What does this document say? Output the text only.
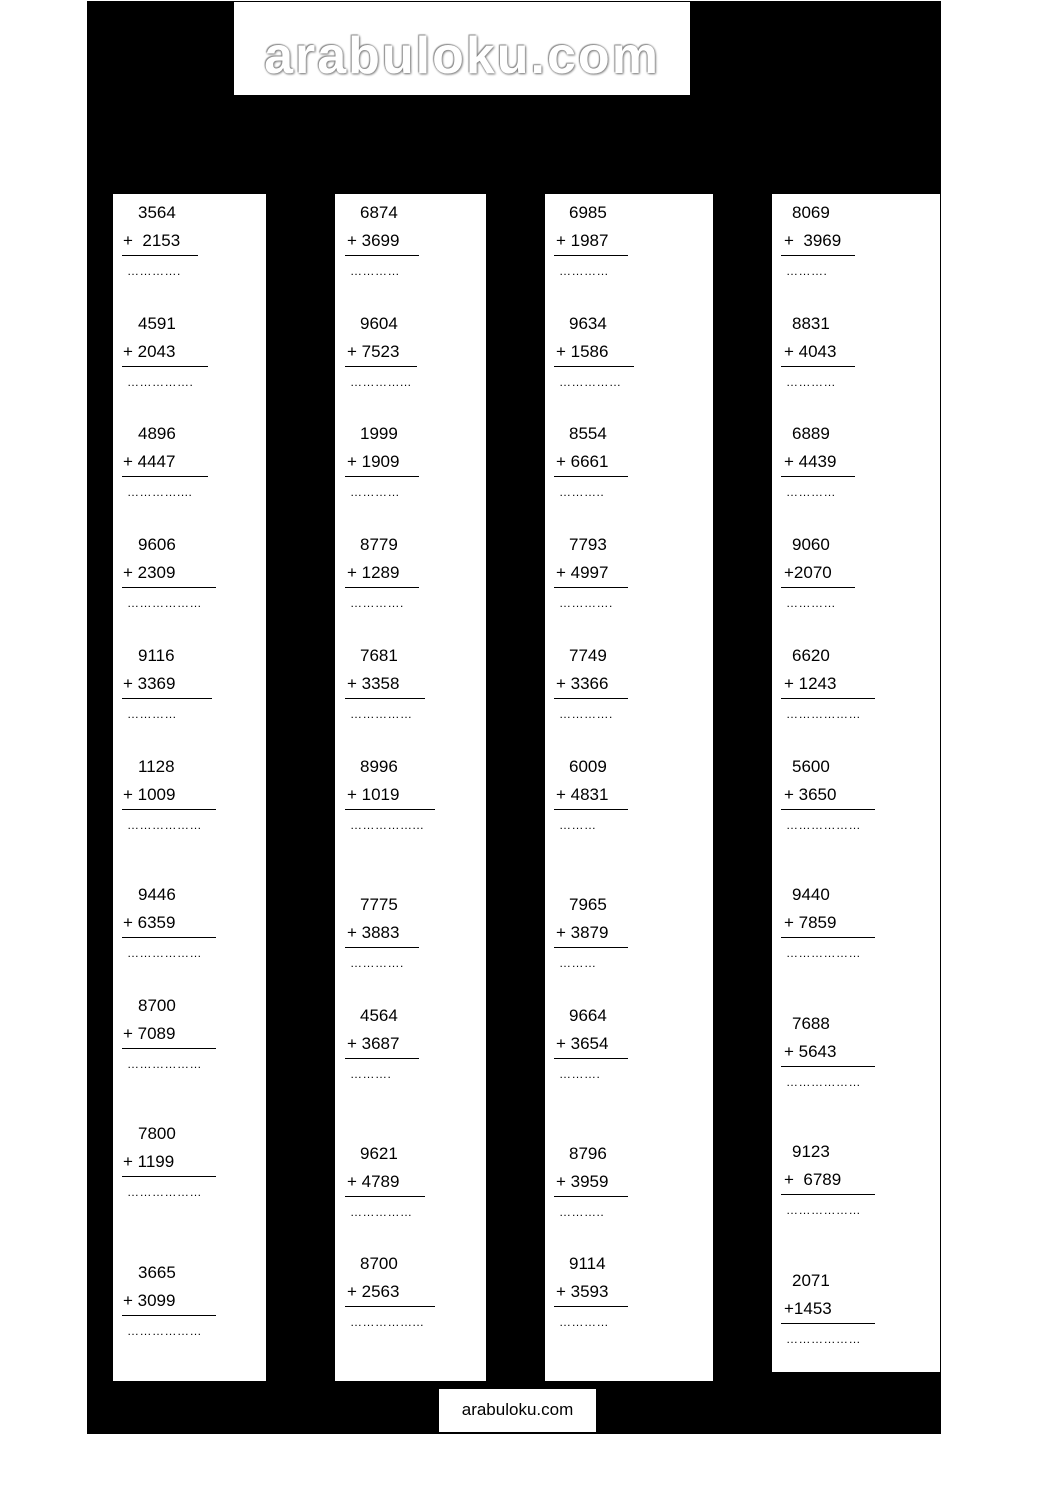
arabuloku.com
3564
+  2153
………….
4591
+ 2043
…………….
4896
+ 4447
…………....
9606
+ 2309
………………
9116
+ 3369
…………
1128
+ 1009
………………
9446
+ 6359
………………
8700
+ 7089
………………
7800
+ 1199
………………
3665
+ 3099
………………
6874
+ 3699
…………
9604
+ 7523
…………...
1999
+ 1909
…………
8779
+ 1289
………….
7681
+ 3358
……………
8996
+ 1019
……………...
7775
+ 3883
………….
4564
+ 3687
……….
9621
+ 4789
……………
8700
+ 2563
……………...
6985
+ 1987
…………
9634
+ 1586
……………
8554
+ 6661
………..
7793
+ 4997
………….
7749
+ 3366
………….
6009
+ 4831
………
7965
+ 3879
………
9664
+ 3654
……….
8796
+ 3959
………..
9114
+ 3593
…………
8069
+  3969
……….
8831
+ 4043
…………
6889
+ 4439
…………
9060
+2070
…………
6620
+ 1243
………………
5600
+ 3650
………………
9440
+ 7859
………………
7688
+ 5643
………………
9123
+  6789
………………
2071
+1453
………………
arabuloku.com
